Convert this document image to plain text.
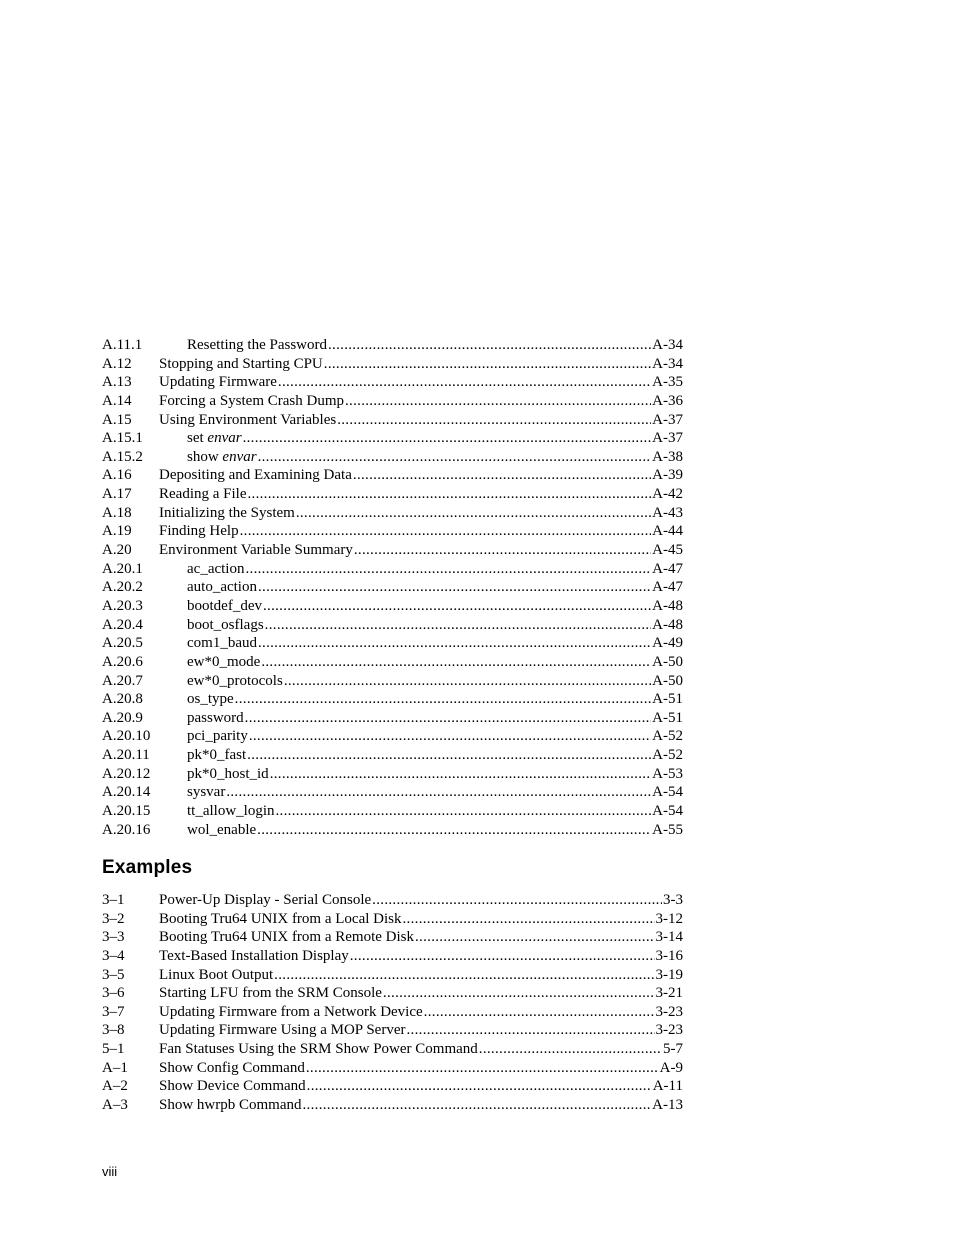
A.11.1	Resetting the Password .....	A-34
A.12	Stopping and Starting CPU .....	A-34
A.13	Updating Firmware .....	A-35
A.14	Forcing a System Crash Dump .....	A-36
A.15	Using Environment Variables .....	A-37
A.15.1	set envar .....	A-37
A.15.2	show envar .....	A-38
A.16	Depositing and Examining Data .....	A-39
A.17	Reading a File .....	A-42
A.18	Initializing the System .....	A-43
A.19	Finding Help .....	A-44
A.20	Environment Variable Summary .....	A-45
A.20.1	ac_action .....	A-47
A.20.2	auto_action .....	A-47
A.20.3	bootdef_dev .....	A-48
A.20.4	boot_osflags .....	A-48
A.20.5	com1_baud .....	A-49
A.20.6	ew*0_mode .....	A-50
A.20.7	ew*0_protocols .....	A-50
A.20.8	os_type .....	A-51
A.20.9	password .....	A-51
A.20.10	pci_parity .....	A-52
A.20.11	pk*0_fast .....	A-52
A.20.12	pk*0_host_id .....	A-53
A.20.14	sysvar .....	A-54
A.20.15	tt_allow_login .....	A-54
A.20.16	wol_enable .....	A-55
Examples
3–1	Power-Up Display - Serial Console .....	3-3
3–2	Booting Tru64 UNIX from a Local Disk .....	3-12
3–3	Booting Tru64 UNIX from a Remote Disk .....	3-14
3–4	Text-Based Installation Display .....	3-16
3–5	Linux Boot Output .....	3-19
3–6	Starting LFU from the SRM Console .....	3-21
3–7	Updating Firmware from a Network Device .....	3-23
3–8	Updating Firmware Using a MOP Server .....	3-23
5–1	Fan Statuses Using the SRM Show Power Command .....	5-7
A–1	Show Config Command .....	A-9
A–2	Show Device Command .....	A-11
A–3	Show hwrpb Command .....	A-13
viii
